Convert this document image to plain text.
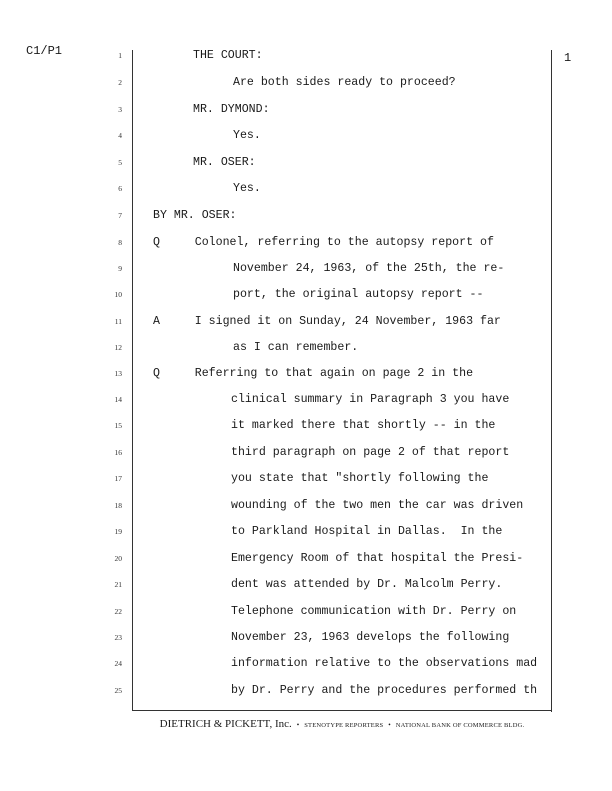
C1/P1	1
1	THE COURT:
2	Are both sides ready to proceed?
3	MR. DYMOND:
4	Yes.
5	MR. OSER:
6	Yes.
7	BY MR. OSER:
8	Q     Colonel, referring to the autopsy report of
9	November 24, 1963, of the 25th, the re-
10	port, the original autopsy report --
11	A     I signed it on Sunday, 24 November, 1963 far
12	as I can remember.
13	Q     Referring to that again on page 2 in the
14	clinical summary in Paragraph 3 you have
15	it marked there that shortly -- in the
16	third paragraph on page 2 of that report
17	you state that "shortly following the
18	wounding of the two men the car was driven
19	to Parkland Hospital in Dallas.  In the
20	Emergency Room of that hospital the Presi-
21	dent was attended by Dr. Malcolm Perry.
22	Telephone communication with Dr. Perry on
23	November 23, 1963 develops the following
24	information relative to the observations mad
25	by Dr. Perry and the procedures performed th
DIETRICH & PICKETT, Inc. • STENOTYPE REPORTERS • NATIONAL BANK OF COMMERCE BLDG.
